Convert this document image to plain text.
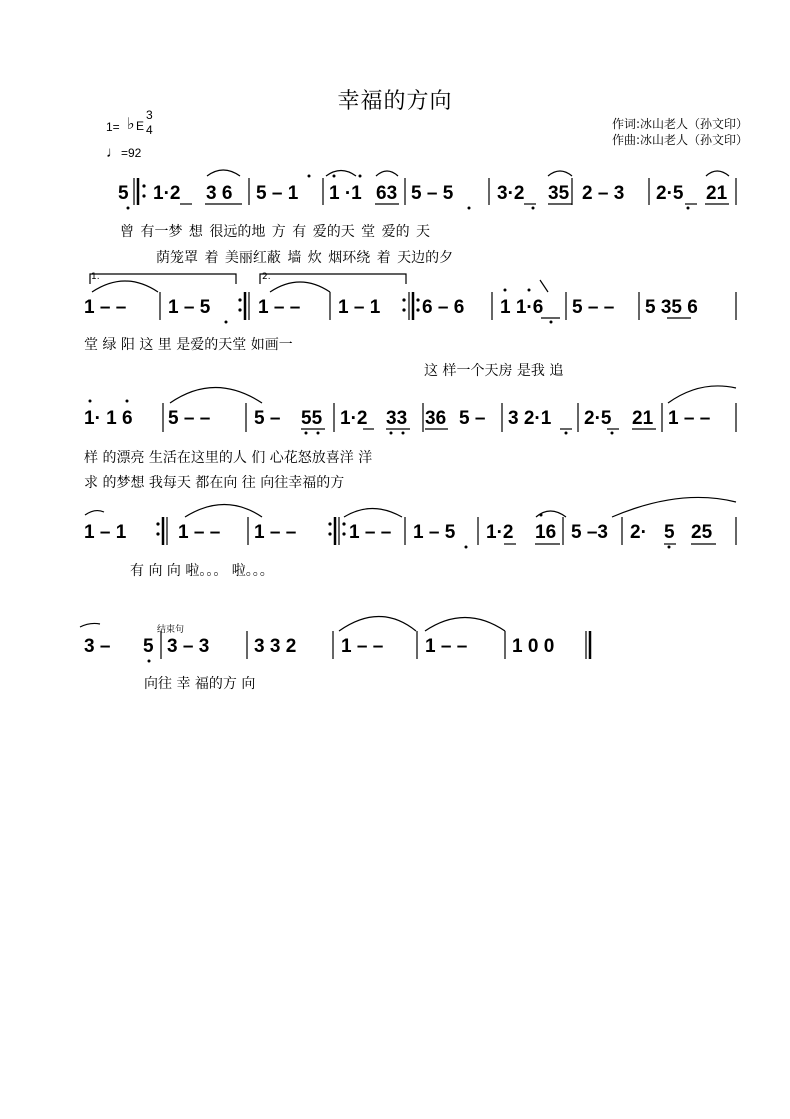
幸福的方向
作词:冰山老人（孙文印）
作曲:冰山老人（孙文印）
1= ♭ E
3
4
♩=92
5 1·2 3 6 5 – 1 1 ·1 63 5 – 5 3·2 35 2 – 3 2·5 21
1 – – 1 – 5	1 – – 1 – 1 6 – 6 1 1·6 5 – – 5 35 6
1· 1 6 5 – – 5 – 55 1·2 33 36 5 – 3 2·1 2·5 21 1 – –
1 – 1	1 – – 1 – –	1 – – 1 – 5 1·2 16 5 –3 2· 5 25
3 – 5 3 – 3 3 3 2 1 – – 1 – – 1 0 0
1.	2.
结束句
曾 有一梦 想 很远的地 方 有 爱的天 堂 爱的 天
荫笼罩 着 美丽红蔽 墙 炊 烟环绕 着 天边的夕
堂 绿 阳 这 里 是爱的天堂 如画一
这 样一个天房 是我 追
样 的漂亮 生活在这里的人 们 心花怒放喜洋 洋
求 的梦想 我每天 都在向 往 向往幸福的方
有 向 向 啦。。。 啦。。。
向往 幸 福的方 向
